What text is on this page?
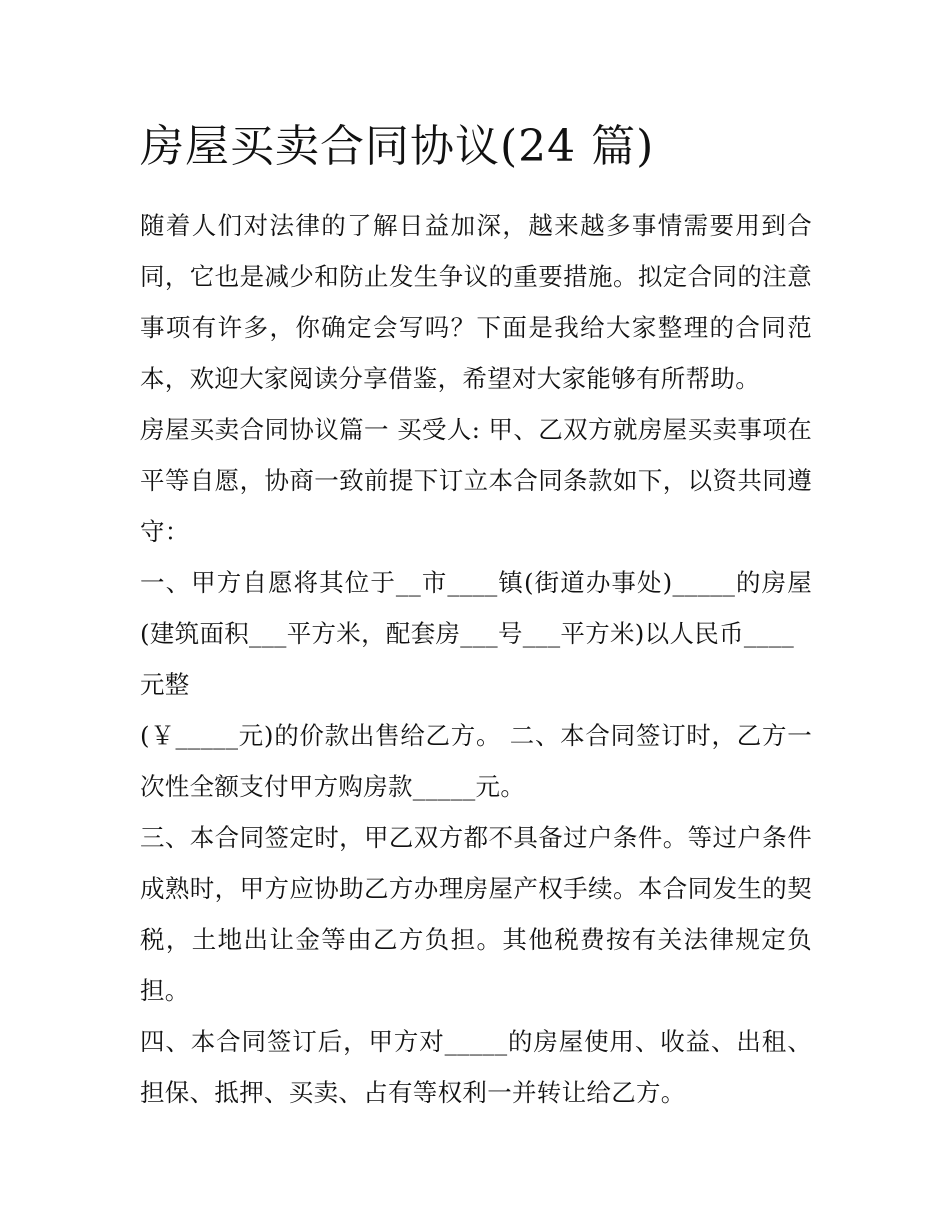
房屋买卖合同协议(24 篇)

随着人们对法律的了解日益加深，越来越多事情需要用到合同，它也是减少和防止发生争议的重要措施。拟定合同的注意事项有许多，你确定会写吗？下面是我给大家整理的合同范本，欢迎大家阅读分享借鉴，希望对大家能够有所帮助。

房屋买卖合同协议篇一 买受人: 甲、乙双方就房屋买卖事项在平等自愿，协商一致前提下订立本合同条款如下，以资共同遵守：

一、甲方自愿将其位于__市____镇(街道办事处)_____的房屋(建筑面积___平方米，配套房___号___平方米)以人民币____

元整

(￥_____元)的价款出售给乙方。 二、本合同签订时，乙方一次性全额支付甲方购房款_____元。

三、本合同签定时，甲乙双方都不具备过户条件。等过户条件成熟时，甲方应协助乙方办理房屋产权手续。本合同发生的契税，土地出让金等由乙方负担。其他税费按有关法律规定负担。

四、本合同签订后，甲方对_____的房屋使用、收益、出租、担保、抵押、买卖、占有等权利一并转让给乙方。
